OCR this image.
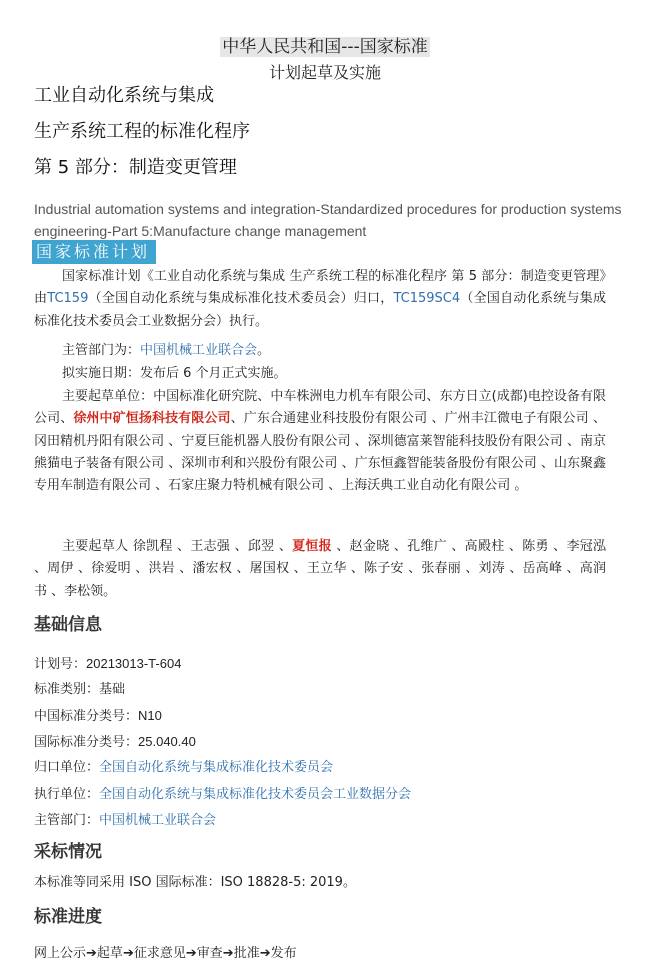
中华人民共和国---国家标准
计划起草及实施
工业自动化系统与集成
生产系统工程的标准化程序
第 5 部分：制造变更管理
Industrial automation systems and integration-Standardized procedures for production systems engineering-Part 5:Manufacture change management
国家标准计划
国家标准计划《工业自动化系统与集成 生产系统工程的标准化程序 第 5 部分：制造变更管理》由TC159（全国自动化系统与集成标准化技术委员会）归口，TC159SC4（全国自动化系统与集成标准化技术委员会工业数据分会）执行。
主管部门为：中国机械工业联合会。
拟实施日期：发布后 6 个月正式实施。
主要起草单位：中国标准化研究院、中车株洲电力机车有限公司、东方日立(成都)电控设备有限公司、徐州中矿恒扬科技有限公司、广东合通建业科技股份有限公司 、广州丰江微电子有限公司 、冈田精机丹阳有限公司 、宁夏巨能机器人股份有限公司 、深圳德富莱智能科技股份有限公司 、南京熊猫电子装备有限公司 、深圳市利和兴股份有限公司 、广东恒鑫智能装备股份有限公司 、山东聚鑫专用车制造有限公司 、石家庄聚力特机械有限公司 、上海沃典工业自动化有限公司 。
主要起草人 徐凯程 、王志强 、邱翌 、夏恒报 、赵金晓 、孔维广 、高殿柱 、陈勇 、李冠泓 、周伊 、徐爱明 、洪岩 、潘宏权 、屠国权 、王立华 、陈子安 、张春丽 、刘涛 、岳高峰 、高润书 、李松领。
基础信息
计划号：20213013-T-604
标准类别：基础
中国标准分类号：N10
国际标准分类号：25.040.40
归口单位：全国自动化系统与集成标准化技术委员会
执行单位：全国自动化系统与集成标准化技术委员会工业数据分会
主管部门：中国机械工业联合会
采标情况
本标准等同采用 ISO 国际标准：ISO 18828-5: 2019。
标准进度
网上公示➔起草➔征求意见➔审查➔批准➔发布
